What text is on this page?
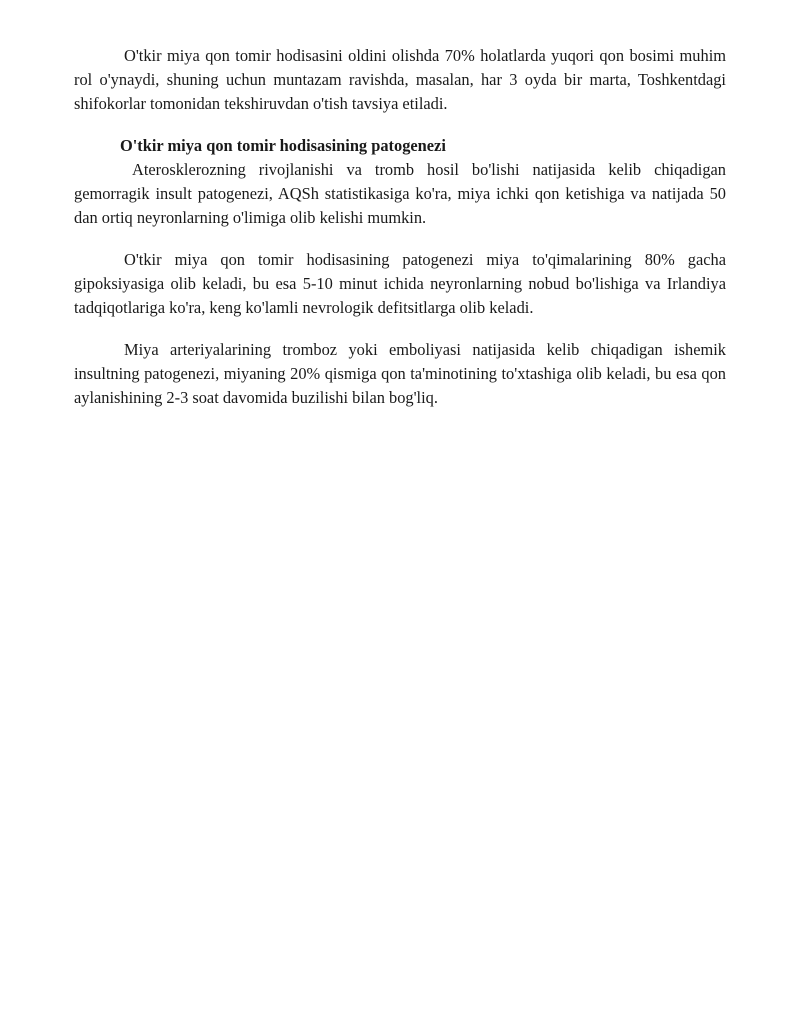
O'tkir miya qon tomir hodisasini oldini olishda 70% holatlarda yuqori qon bosimi muhim rol o'ynaydi, shuning uchun muntazam ravishda, masalan, har 3 oyda bir marta, Toshkentdagi shifokorlar tomonidan tekshiruvdan o'tish tavsiya etiladi.

O'tkir miya qon tomir hodisasining patogenezi

Aterosklerozning rivojlanishi va tromb hosil bo'lishi natijasida kelib chiqadigan gemorragik insult patogenezi, AQSh statistikasiga ko'ra, miya ichki qon ketishiga va natijada 50 dan ortiq neyronlarning o'limiga olib kelishi mumkin.

O'tkir miya qon tomir hodisasining patogenezi miya to'qimalarining 80% gacha gipoksiyasiga olib keladi, bu esa 5-10 minut ichida neyronlarning nobud bo'lishiga va Irlandiya tadqiqotlariga ko'ra, keng ko'lamli nevrologik defitsitlarga olib keladi.

Miya arteriyalarining tromboz yoki emboliyasi natijasida kelib chiqadigan ishemik insultning patogenezi, miyaning 20% qismiga qon ta'minotining to'xtashiga olib keladi, bu esa qon aylanishining 2-3 soat davomida buzilishi bilan bog'liq.
